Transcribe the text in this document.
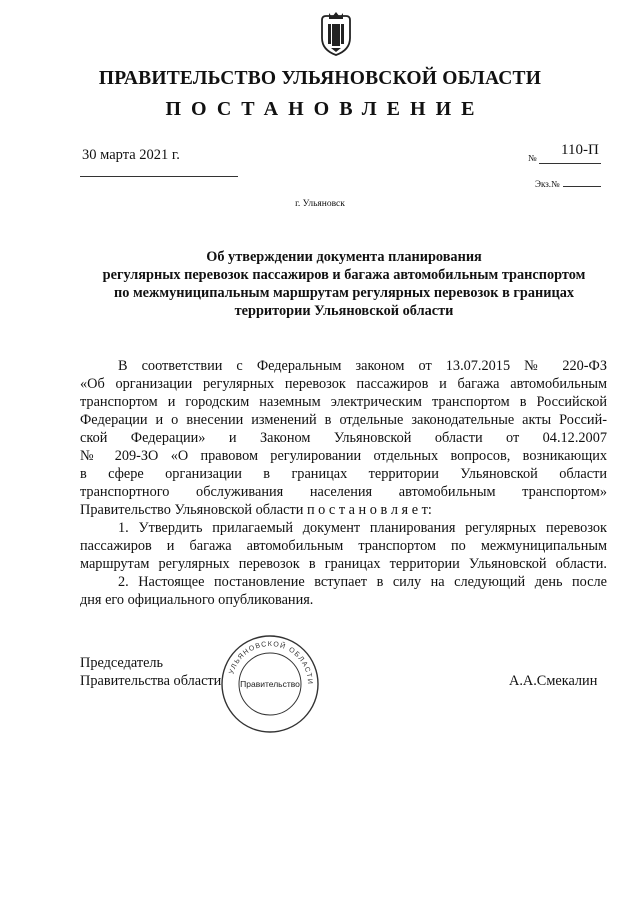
ПРАВИТЕЛЬСТВО УЛЬЯНОВСКОЙ ОБЛАСТИ
ПОСТАНОВЛЕНИЕ
30 марта 2021 г.	№ 110-П
Экз.№
г. Ульяновск
Об утверждении документа планирования
регулярных перевозок пассажиров и багажа автомобильным транспортом
по межмуниципальным маршрутам регулярных перевозок в границах
территории Ульяновской области
В соответствии с Федеральным законом от 13.07.2015 № 220-ФЗ
«Об организации регулярных перевозок пассажиров и багажа автомобильным
транспортом и городским наземным электрическим транспортом в Российской
Федерации и о внесении изменений в отдельные законодательные акты Россий-
ской Федерации» и Законом Ульяновской области от 04.12.2007
№ 209-ЗО «О правовом регулировании отдельных вопросов, возникающих
в сфере организации в границах территории Ульяновской области
транспортного обслуживания населения автомобильным транспортом»
Правительство Ульяновской области п о с т а н о в л я е т:
1. Утвердить прилагаемый документ планирования регулярных перевозок
пассажиров и багажа автомобильным транспортом по межмуниципальным
маршрутам регулярных перевозок в границах территории Ульяновской области.
2. Настоящее постановление вступает в силу на следующий день после
дня его официального опубликования.
Председатель
Правительства области	А.А.Смекалин
УЛЬЯНОВСКОЙ ОБЛАСТИ
Правительство
